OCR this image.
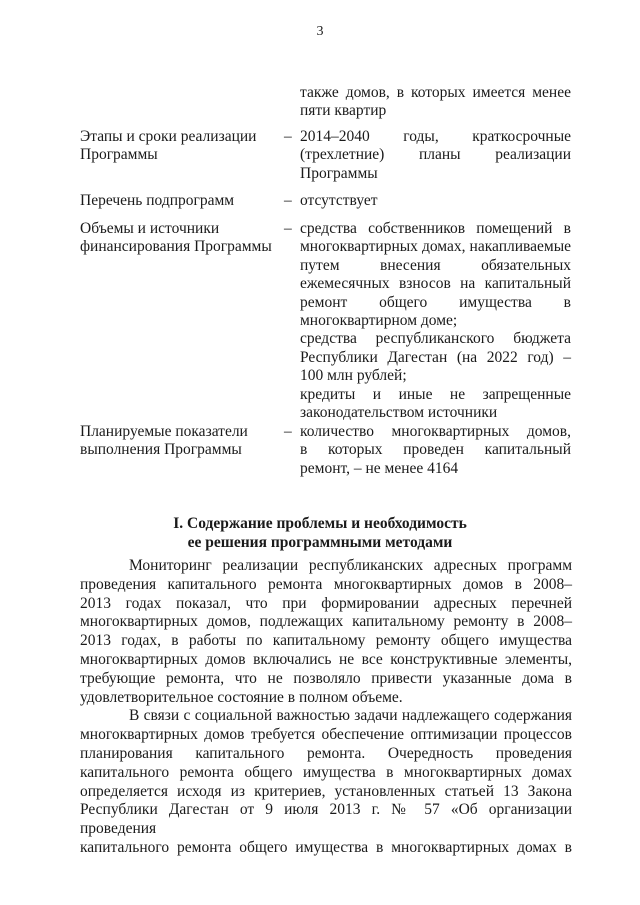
3
также домов, в которых имеется менее
пяти квартир
Этапы и сроки реализации
Программы
– 2014–2040 годы, краткосрочные
(трехлетние) планы реализации
Программы
Перечень подпрограмм	– отсутствует
Объемы и источники
финансирования Программы
– средства собственников помещений в
многоквартирных домах, накапливаемые
путем внесения обязательных
ежемесячных взносов на капитальный
ремонт общего имущества в
многоквартирном доме;
средства республиканского бюджета
Республики Дагестан (на 2022 год) –
100 млн рублей;
кредиты и иные не запрещенные
законодательством источники
Планируемые показатели
выполнения Программы
– количество многоквартирных домов,
в которых проведен капитальный
ремонт, – не менее 4164
I. Содержание проблемы и необходимость
ее решения программными методами
Мониторинг реализации республиканских адресных программ
проведения капитального ремонта многоквартирных домов в 2008–
2013 годах показал, что при формировании адресных перечней
многоквартирных домов, подлежащих капитальному ремонту в 2008–
2013 годах, в работы по капитальному ремонту общего имущества
многоквартирных домов включались не все конструктивные элементы,
требующие ремонта, что не позволяло привести указанные дома в
удовлетворительное состояние в полном объеме.
В связи с социальной важностью задачи надлежащего содержания
многоквартирных домов требуется обеспечение оптимизации процессов
планирования капитального ремонта. Очередность проведения
капитального ремонта общего имущества в многоквартирных домах
определяется исходя из критериев, установленных статьей 13 Закона
Республики Дагестан от 9 июля 2013 г. № 57 «Об организации проведения
капитального ремонта общего имущества в многоквартирных домах в
